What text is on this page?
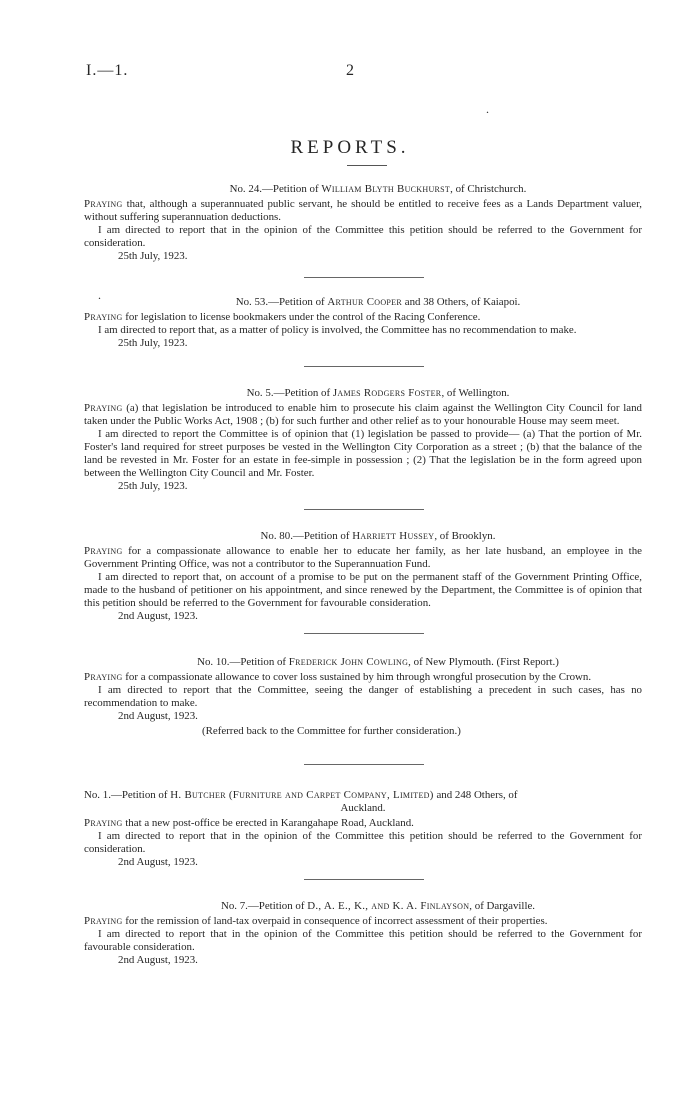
I.—1.	2
.
.
REPORTS.
No. 24.—Petition of William Blyth Buckhurst, of Christchurch.
Praying that, although a superannuated public servant, he should be entitled to receive fees as a Lands Department valuer, without suffering superannuation deductions.
I am directed to report that in the opinion of the Committee this petition should be referred to the Government for consideration.
25th July, 1923.
No. 53.—Petition of Arthur Cooper and 38 Others, of Kaiapoi.
Praying for legislation to license bookmakers under the control of the Racing Conference.
I am directed to report that, as a matter of policy is involved, the Committee has no recommendation to make.
25th July, 1923.
No. 5.—Petition of James Rodgers Foster, of Wellington.
Praying (a) that legislation be introduced to enable him to prosecute his claim against the Wellington City Council for land taken under the Public Works Act, 1908 ; (b) for such further and other relief as to your honourable House may seem meet.
I am directed to report the Committee is of opinion that (1) legislation be passed to provide— (a) That the portion of Mr. Foster's land required for street purposes be vested in the Wellington City Corporation as a street ; (b) that the balance of the land be revested in Mr. Foster for an estate in fee-simple in possession ; (2) That the legislation be in the form agreed upon between the Wellington City Council and Mr. Foster.
25th July, 1923.
No. 80.—Petition of Harriett Hussey, of Brooklyn.
Praying for a compassionate allowance to enable her to educate her family, as her late husband, an employee in the Government Printing Office, was not a contributor to the Superannuation Fund.
I am directed to report that, on account of a promise to be put on the permanent staff of the Government Printing Office, made to the husband of petitioner on his appointment, and since renewed by the Department, the Committee is of opinion that this petition should be referred to the Government for favourable consideration.
2nd August, 1923.
No. 10.—Petition of Frederick John Cowling, of New Plymouth. (First Report.)
Praying for a compassionate allowance to cover loss sustained by him through wrongful prosecution by the Crown.
I am directed to report that the Committee, seeing the danger of establishing a precedent in such cases, has no recommendation to make.
2nd August, 1923.
(Referred back to the Committee for further consideration.)
No. 1.—Petition of H. Butcher (Furniture and Carpet Company, Limited) and 248 Others, of
Auckland.
Praying that a new post-office be erected in Karangahape Road, Auckland.
I am directed to report that in the opinion of the Committee this petition should be referred to the Government for consideration.
2nd August, 1923.
No. 7.—Petition of D., A. E., K., and K. A. Finlayson, of Dargaville.
Praying for the remission of land-tax overpaid in consequence of incorrect assessment of their properties.
I am directed to report that in the opinion of the Committee this petition should be referred to the Government for favourable consideration.
2nd August, 1923.
